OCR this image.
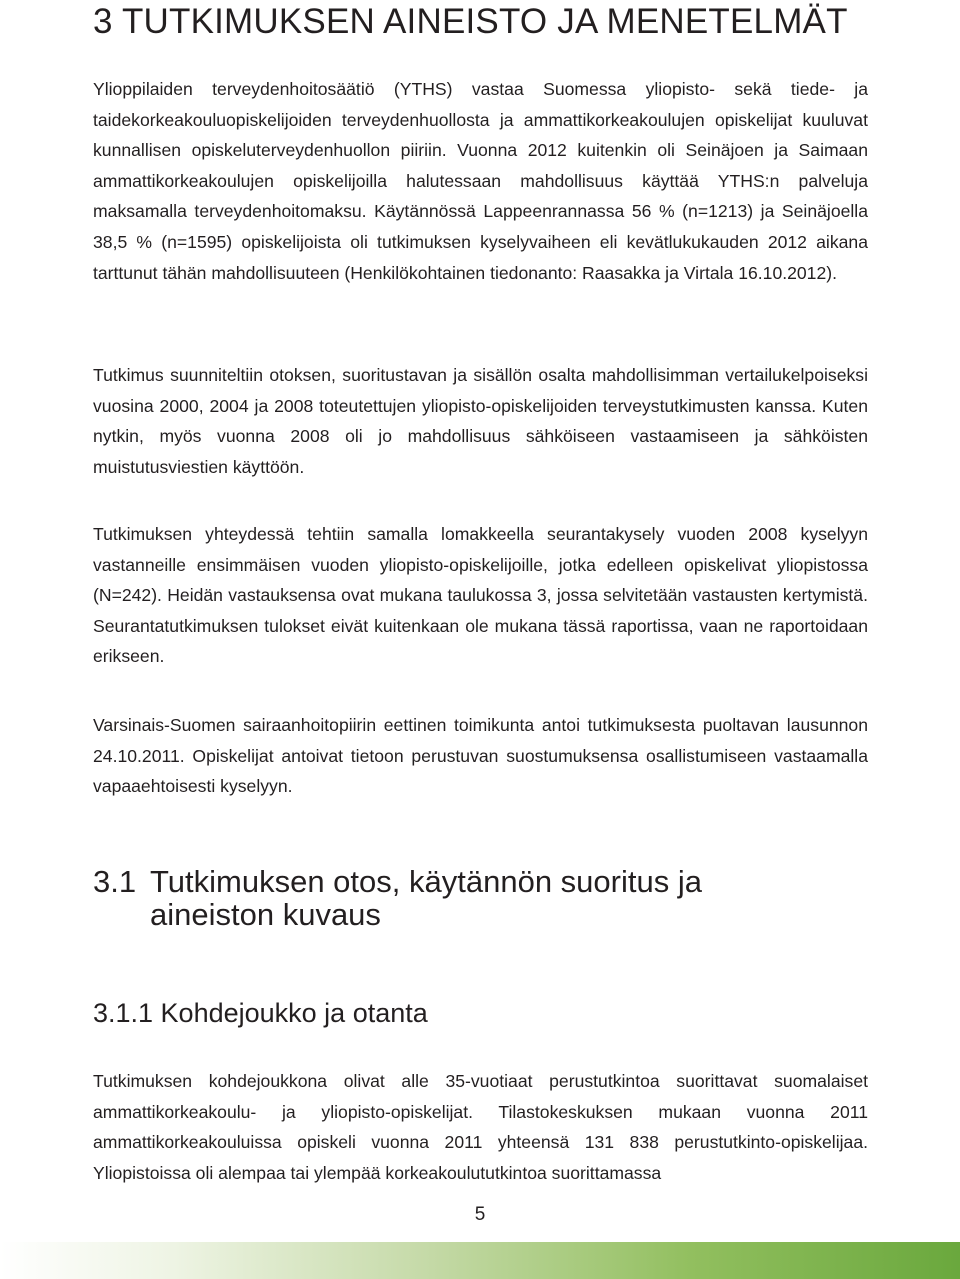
3 TUTKIMUKSEN AINEISTO JA MENETELMÄT

Ylioppilaiden terveydenhoitosäätiö (YTHS) vastaa Suomessa yliopisto- sekä tiede- ja taidekorkeakouluopiskelijoiden terveydenhuollosta ja ammattikorkeakoulujen opiskelijat kuuluvat kunnallisen opiskeluterveydenhuollon piiriin. Vuonna 2012 kuitenkin oli Seinäjoen ja Saimaan ammattikorkeakoulujen opiskelijoilla halutessaan mahdollisuus käyttää YTHS:n palveluja maksamalla terveydenhoitomaksu. Käytännössä Lappeenrannassa 56 % (n=1213) ja Seinäjoella 38,5 % (n=1595) opiskelijoista oli tutkimuksen kyselyvaiheen eli kevätlukukauden 2012 aikana tarttunut tähän mahdollisuuteen (Henkilökohtainen tiedonanto: Raasakka ja Virtala 16.10.2012).

Tutkimus suunniteltiin otoksen, suoritustavan ja sisällön osalta mahdollisimman vertailukelpoiseksi vuosina 2000, 2004 ja 2008 toteutettujen yliopisto-opiskelijoiden terveystutkimusten kanssa. Kuten nytkin, myös vuonna 2008 oli jo mahdollisuus sähköiseen vastaamiseen ja sähköisten muistutusviestien käyttöön.

Tutkimuksen yhteydessä tehtiin samalla lomakkeella seurantakysely vuoden 2008 kyselyyn vastanneille ensimmäisen vuoden yliopisto-opiskelijoille, jotka edelleen opiskelivat yliopistossa (N=242). Heidän vastauksensa ovat mukana taulukossa 3, jossa selvitetään vastausten kertymistä. Seurantatutkimuksen tulokset eivät kuitenkaan ole mukana tässä raportissa, vaan ne raportoidaan erikseen.

Varsinais-Suomen sairaanhoitopiirin eettinen toimikunta antoi tutkimuksesta puoltavan lausunnon 24.10.2011. Opiskelijat antoivat tietoon perustuvan suostumuksensa osallistumiseen vastaamalla vapaaehtoisesti kyselyyn.

3.1 Tutkimuksen otos, käytännön suoritus ja
aineiston kuvaus
3.1.1 Kohdejoukko ja otanta

Tutkimuksen kohdejoukkona olivat alle 35-vuotiaat perustutkintoa suorittavat suomalaiset ammattikorkeakoulu- ja yliopisto-opiskelijat. Tilastokeskuksen mukaan vuonna 2011 ammattikorkeakouluissa opiskeli vuonna 2011 yhteensä 131 838 perustutkinto-opiskelijaa. Yliopistoissa oli alempaa tai ylempää korkeakoulututkintoa suorittamassa

5
